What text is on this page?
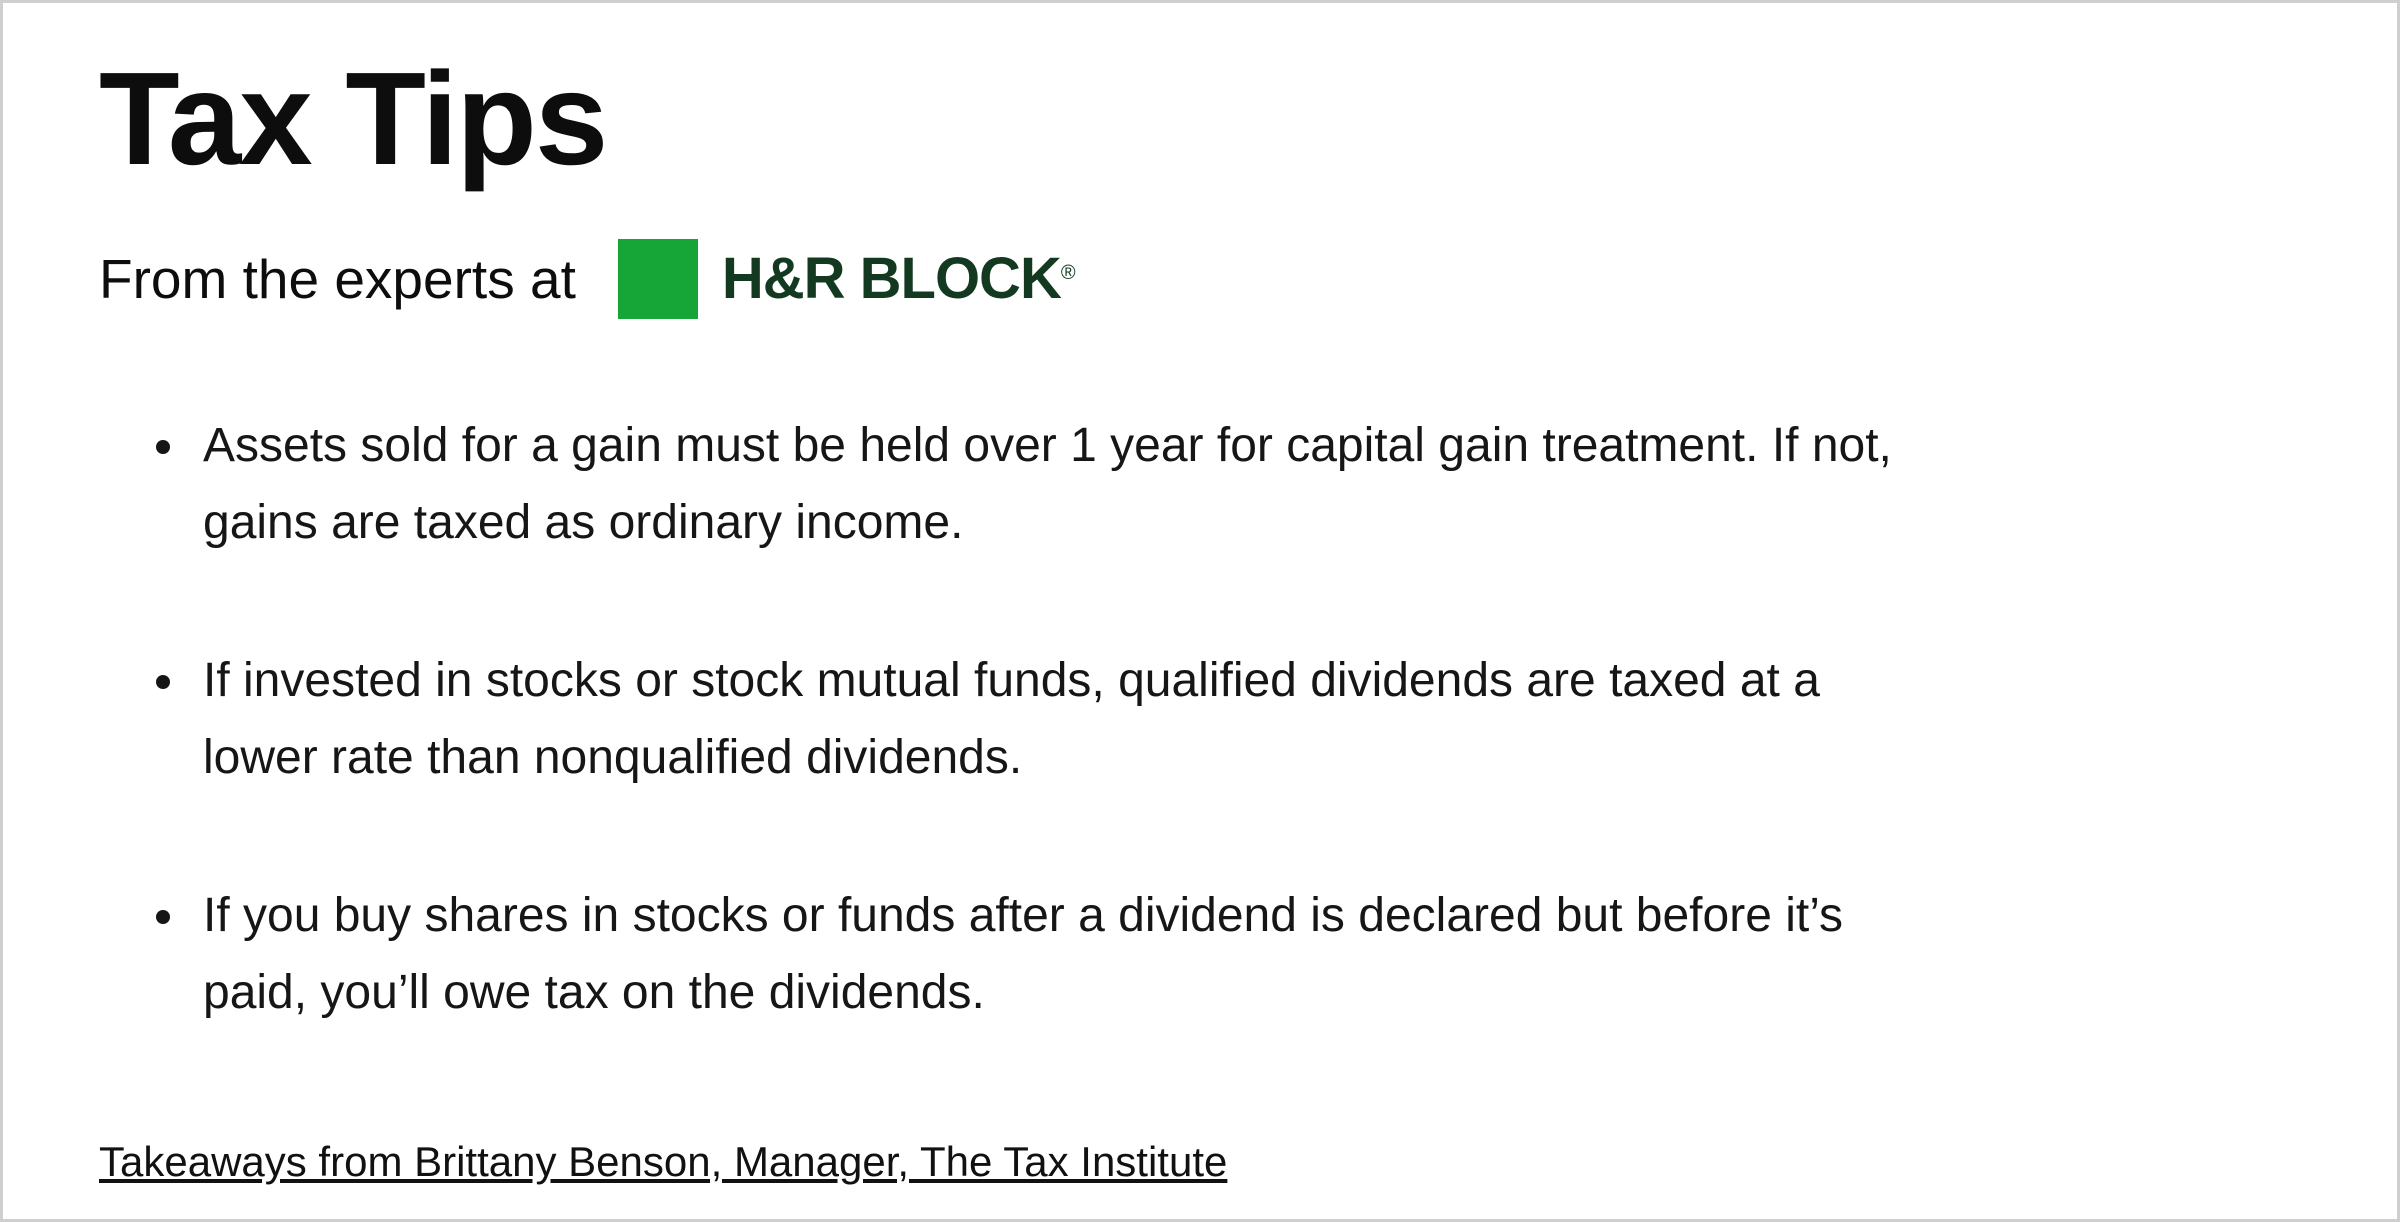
Tax Tips
From the experts at	H&R BLOCK®
• Assets sold for a gain must be held over 1 year for capital gain treatment. If not,
gains are taxed as ordinary income.
• If invested in stocks or stock mutual funds, qualified dividends are taxed at a
lower rate than nonqualified dividends.
• If you buy shares in stocks or funds after a dividend is declared but before it’s
paid, you’ll owe tax on the dividends.
Takeaways from Brittany Benson, Manager, The Tax Institute
